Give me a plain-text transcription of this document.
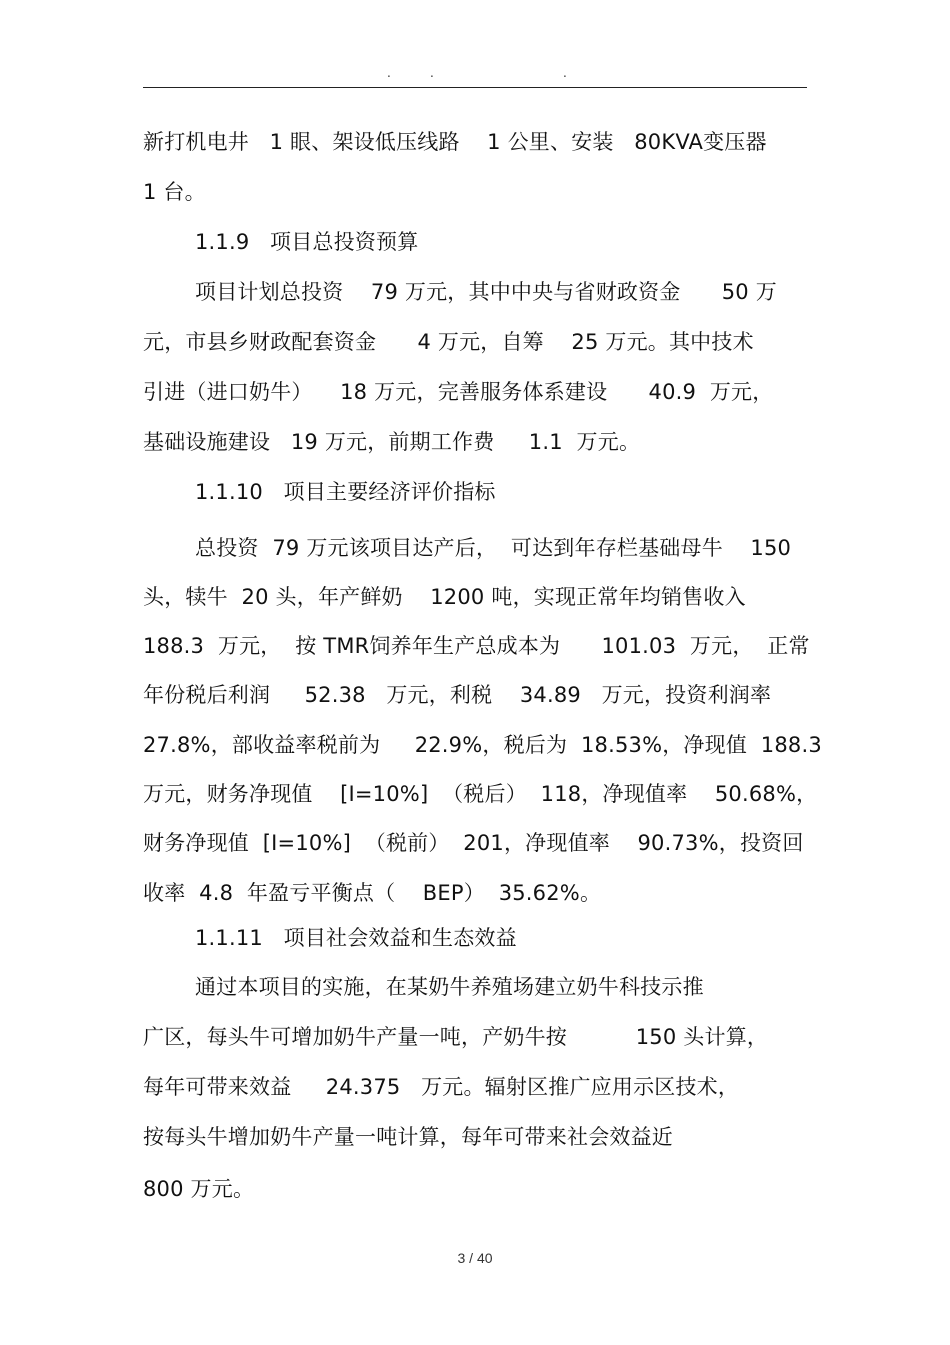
.	.	.
新打机电井   1 眼、架设低压线路    1 公里、安装   80KVA变压器
1 台。
1.1.9   项目总投资预算
项目计划总投资    79 万元，其中中央与省财政资金      50 万
元，市县乡财政配套资金      4 万元，自筹    25 万元。其中技术
引进（进口奶牛）    18 万元，完善服务体系建设      40.9  万元，
基础设施建设   19 万元，前期工作费     1.1  万元。
1.1.10   项目主要经济评价指标
总投资  79 万元该项目达产后，  可达到年存栏基础母牛    150
头，犊牛  20 头，年产鲜奶    1200 吨，实现正常年均销售收入
188.3  万元，  按 TMR饲养年生产总成本为      101.03  万元，  正常
年份税后利润     52.38   万元，利税    34.89   万元，投资利润率
27.8%，部收益率税前为     22.9%，税后为  18.53%，净现值  188.3
万元，财务净现值    [I=10%]  （税后）  118，净现值率    50.68%，
财务净现值  [I=10%]  （税前）  201，净现值率    90.73%，投资回
收率  4.8  年盈亏平衡点（    BEP）  35.62%。
1.1.11   项目社会效益和生态效益
通过本项目的实施，在某奶牛养殖场建立奶牛科技示推
广区，每头牛可增加奶牛产量一吨，产奶牛按          150 头计算，
每年可带来效益     24.375   万元。辐射区推广应用示区技术，
按每头牛增加奶牛产量一吨计算，每年可带来社会效益近
800 万元。
3 / 40
